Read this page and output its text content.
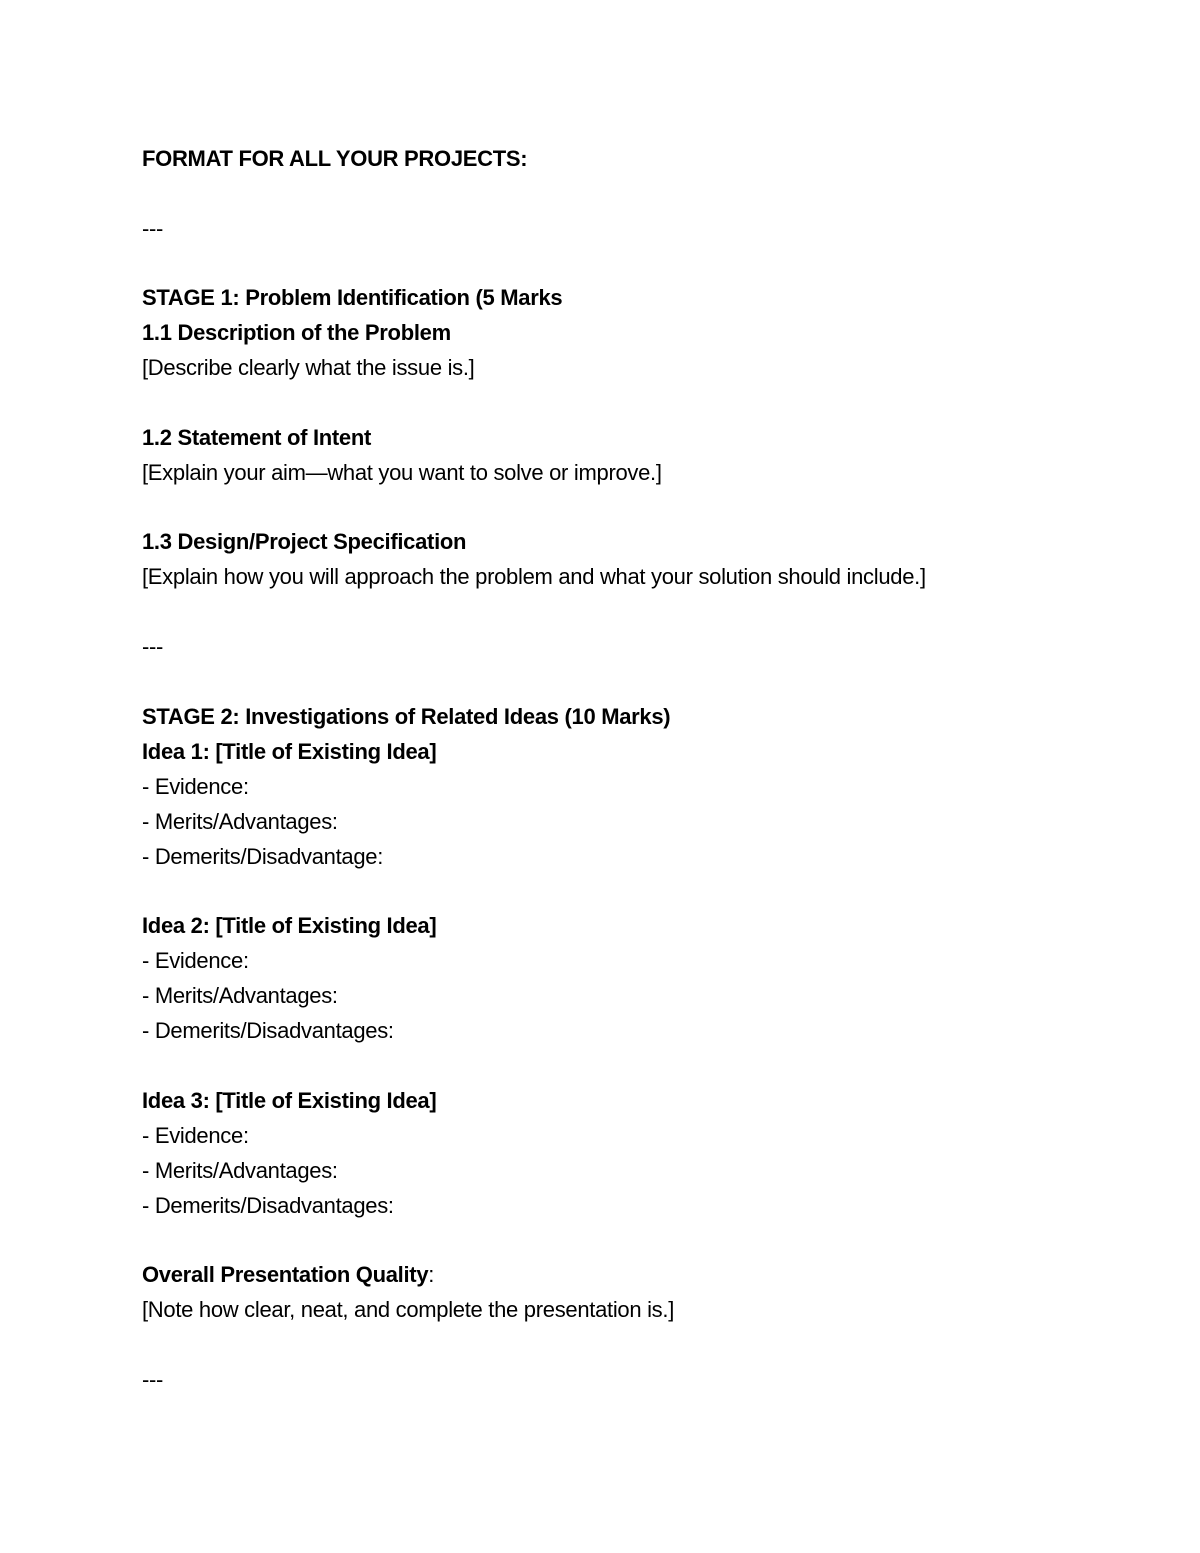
FORMAT FOR ALL YOUR PROJECTS:

---

STAGE 1: Problem Identification (5 Marks

1.1 Description of the Problem

[Describe clearly what the issue is.]

1.2 Statement of Intent

[Explain your aim—what you want to solve or improve.]

1.3 Design/Project Specification

[Explain how you will approach the problem and what your solution should include.]

---

STAGE 2: Investigations of Related Ideas (10 Marks)

Idea 1: [Title of Existing Idea]

- Evidence:

- Merits/Advantages:

- Demerits/Disadvantage:

Idea 2: [Title of Existing Idea]

- Evidence:

- Merits/Advantages:

- Demerits/Disadvantages:

Idea 3: [Title of Existing Idea]

- Evidence:

- Merits/Advantages:

- Demerits/Disadvantages:

Overall Presentation Quality:

[Note how clear, neat, and complete the presentation is.]

---
